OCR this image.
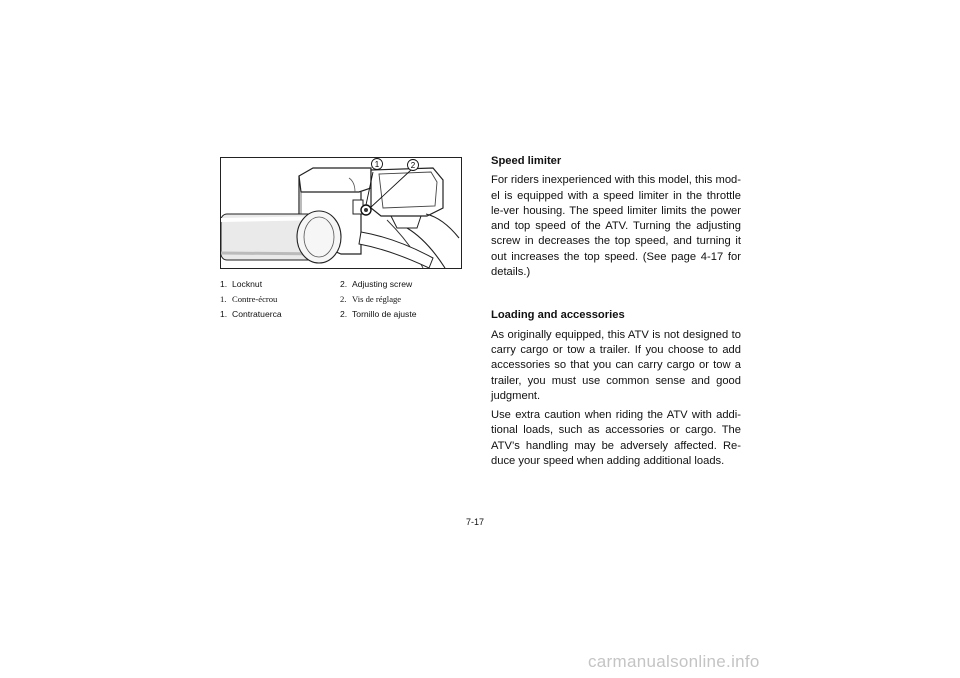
1	2
1. Locknut	2. Adjusting screw
1. Contre-écrou	2. Vis de réglage
1. Contratuerca	2. Tornillo de ajuste
Speed limiter

For riders inexperienced with this model, this mod-el is equipped with a speed limiter in the throttle le-ver housing. The speed limiter limits the power and top speed of the ATV. Turning the adjusting screw in decreases the top speed, and turning it out increases the top speed. (See page 4-17 for details.)

Loading and accessories

As originally equipped, this ATV is not designed to carry cargo or tow a trailer. If you choose to add accessories so that you can carry cargo or tow a trailer, you must use common sense and good judgment.

Use extra caution when riding the ATV with addi-tional loads, such as accessories or cargo. The ATV’s handling may be adversely affected. Re-duce your speed when adding additional loads.

7-17
carmanualsonline.info
